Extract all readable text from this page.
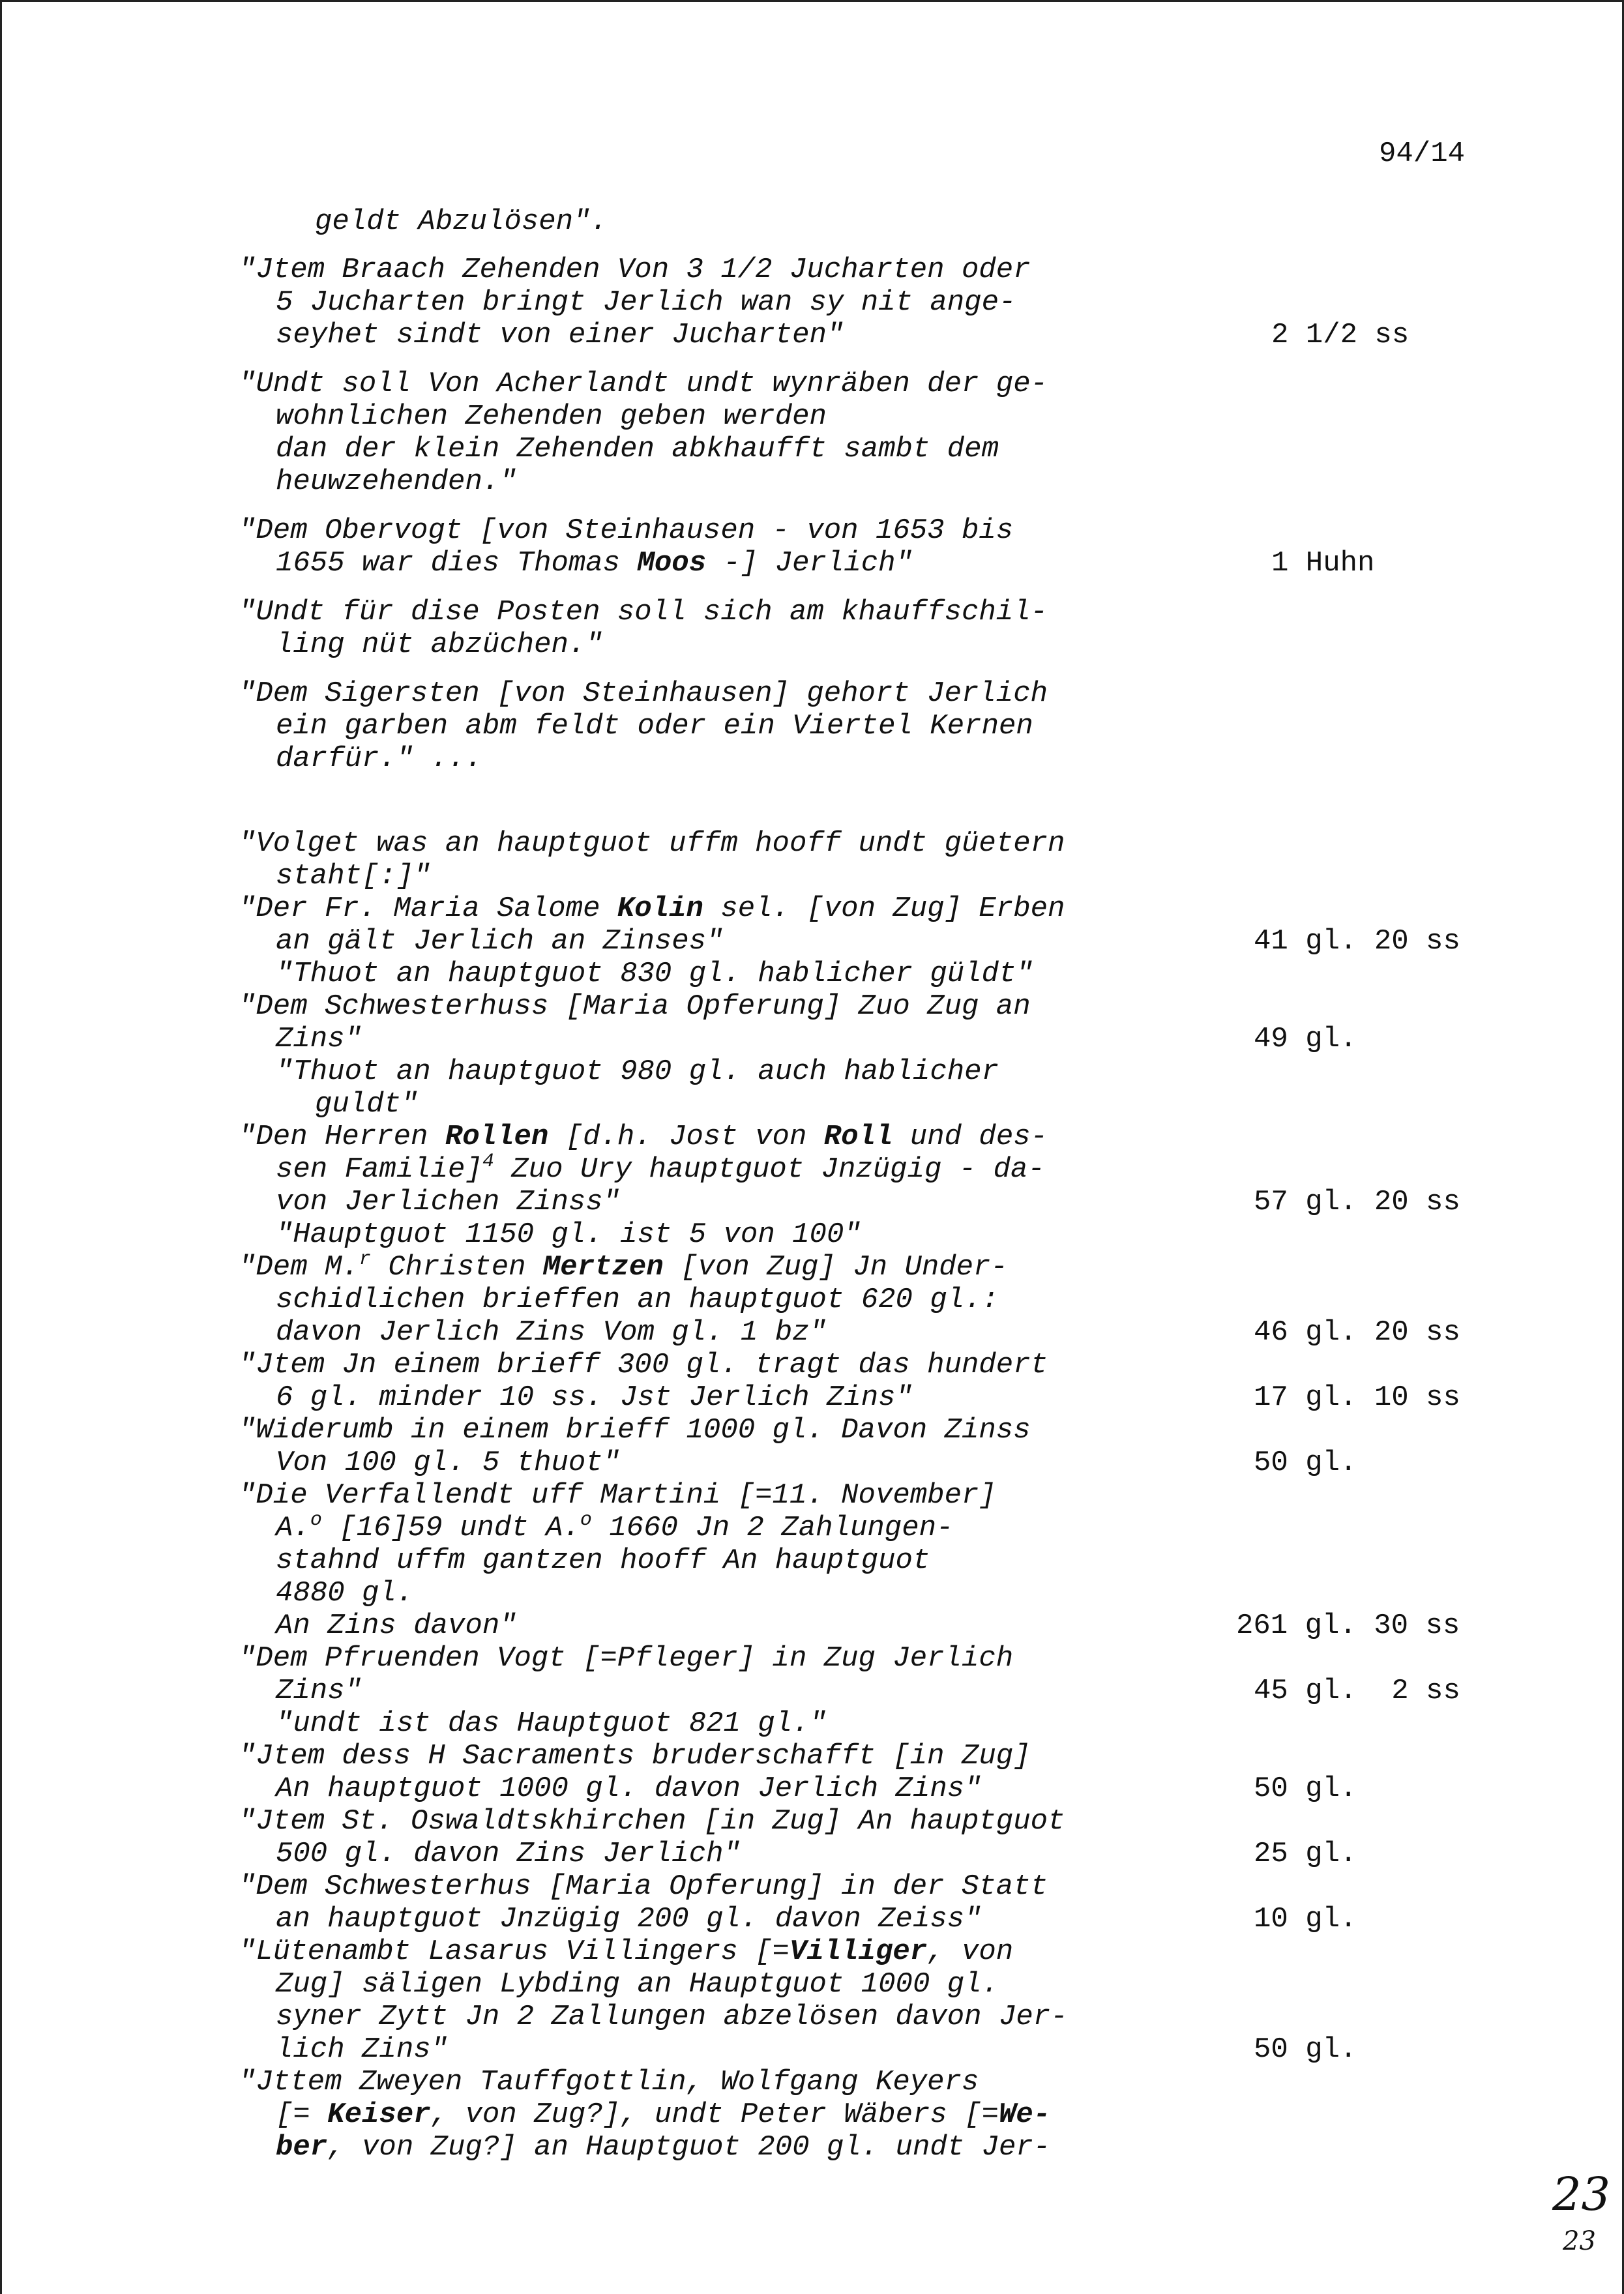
94/14
geldt Abzulösen".
"Jtem Braach Zehenden Von 3 1/2 Jucharten oder
5 Jucharten bringt Jerlich wan sy nit ange-
seyhet sindt von einer Jucharten"
"Undt soll Von Acherlandt undt wynräben der ge-
wohnlichen Zehenden geben werden
dan der klein Zehenden abkhaufft sambt dem
heuwzehenden."
"Dem Obervogt [von Steinhausen - von 1653 bis
1655 war dies Thomas Moos -] Jerlich"
"Undt für dise Posten soll sich am khauffschil-
ling nüt abzüchen."
"Dem Sigersten [von Steinhausen] gehort Jerlich
ein garben abm feldt oder ein Viertel Kernen
darfür." ...
"Volget was an hauptguot uffm hooff undt güetern
staht[:]"
"Der Fr. Maria Salome Kolin sel. [von Zug] Erben
an gält Jerlich an Zinses"
"Thuot an hauptguot 830 gl. hablicher güldt"
"Dem Schwesterhuss [Maria Opferung] Zuo Zug an
Zins"
"Thuot an hauptguot 980 gl. auch hablicher
guldt"
"Den Herren Rollen [d.h. Jost von Roll und des-
sen Familie]$^4$ Zuo Ury hauptguot Jnzügig - da-
von Jerlichen Zinss"
"Hauptguot 1150 gl. ist 5 von 100"
"Dem M.$^r$ Christen Mertzen [von Zug] Jn Under-
schidlichen brieffen an hauptguot 620 gl.:
davon Jerlich Zins Vom gl. 1 bz"
"Jtem Jn einem brieff 300 gl. tragt das hundert
6 gl. minder 10 ss. Jst Jerlich Zins"
"Widerumb in einem brieff 1000 gl. Davon Zinss
Von 100 gl. 5 thuot"
"Die Verfallendt uff Martini [=11. November]
A.$^o$ [16]59 undt A.$^o$ 1660 Jn 2 Zahlungen-
stahnd uffm gantzen hooff An hauptguot
4880 gl.
An Zins davon"
"Dem Pfruenden Vogt [=Pfleger] in Zug Jerlich
Zins"
"undt ist das Hauptguot 821 gl."
"Jtem dess H Sacraments bruderschafft [in Zug]
An hauptguot 1000 gl. davon Jerlich Zins"
"Jtem St. Oswaldtskhirchen [in Zug] An hauptguot
500 gl. davon Zins Jerlich"
"Dem Schwesterhus [Maria Opferung] in der Statt
an hauptguot Jnzügig 200 gl. davon Zeiss"
"Lütenambt Lasarus Villingers [=Villiger, von
Zug] säligen Lybding an Hauptguot 1000 gl.
syner Zytt Jn 2 Zallungen abzelösen davon Jer-
lich Zins"
"Jttem Zweyen Tauffgottlin, Wolfgang Keyers
[= Keiser, von Zug?], undt Peter Wäbers [=We-
ber, von Zug?] an Hauptguot 200 gl. undt Jer-
2 1/2 ss
1 Huhn
41 gl. 20 ss
49 gl.
57 gl. 20 ss
46 gl. 20 ss
17 gl. 10 ss
50 gl.
261 gl. 30 ss
45 gl.  2 ss
50 gl.
25 gl.
10 gl.
50 gl.
23
23
